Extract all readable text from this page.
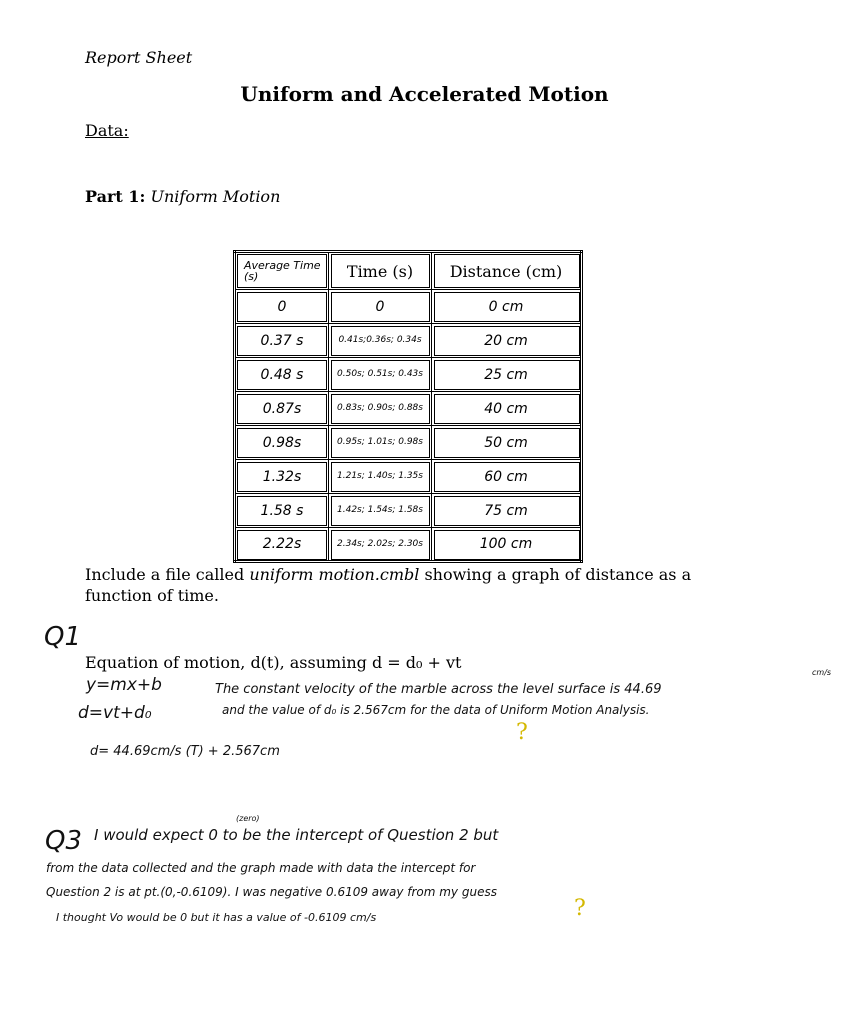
Report Sheet
Uniform and Accelerated Motion
Data:
Part 1: Uniform Motion
Average Time (s)	Time (s)	Distance (cm)
0	0	0 cm
0.37 s	0.41s;0.36s; 0.34s	20 cm
0.48 s	0.50s; 0.51s; 0.43s	25 cm
0.87s	0.83s; 0.90s; 0.88s	40 cm
0.98s	0.95s; 1.01s; 0.98s	50 cm
1.32s	1.21s; 1.40s; 1.35s	60 cm
1.58 s	1.42s; 1.54s; 1.58s	75 cm
2.22s	2.34s; 2.02s; 2.30s	100 cm
Include a file called uniform motion.cmbl showing a graph of distance as a
function of time.
Q1
Equation of motion, d(t), assuming d = d₀ + vt
y=mx+b
d=vt+d₀
The constant velocity of the marble across the level surface is 44.69
cm/s
and the value of d₀ is 2.567cm for the data of Uniform Motion Analysis.
?
d= 44.69cm/s (T) + 2.567cm
(zero)
Q3 I would expect 0 to be the intercept of Question 2 but
from the data collected and the graph made with data the intercept for
Question 2 is at pt.(0,-0.6109). I was negative 0.6109 away from my guess
I thought Vo would be 0 but it has a value of -0.6109 cm/s	?
